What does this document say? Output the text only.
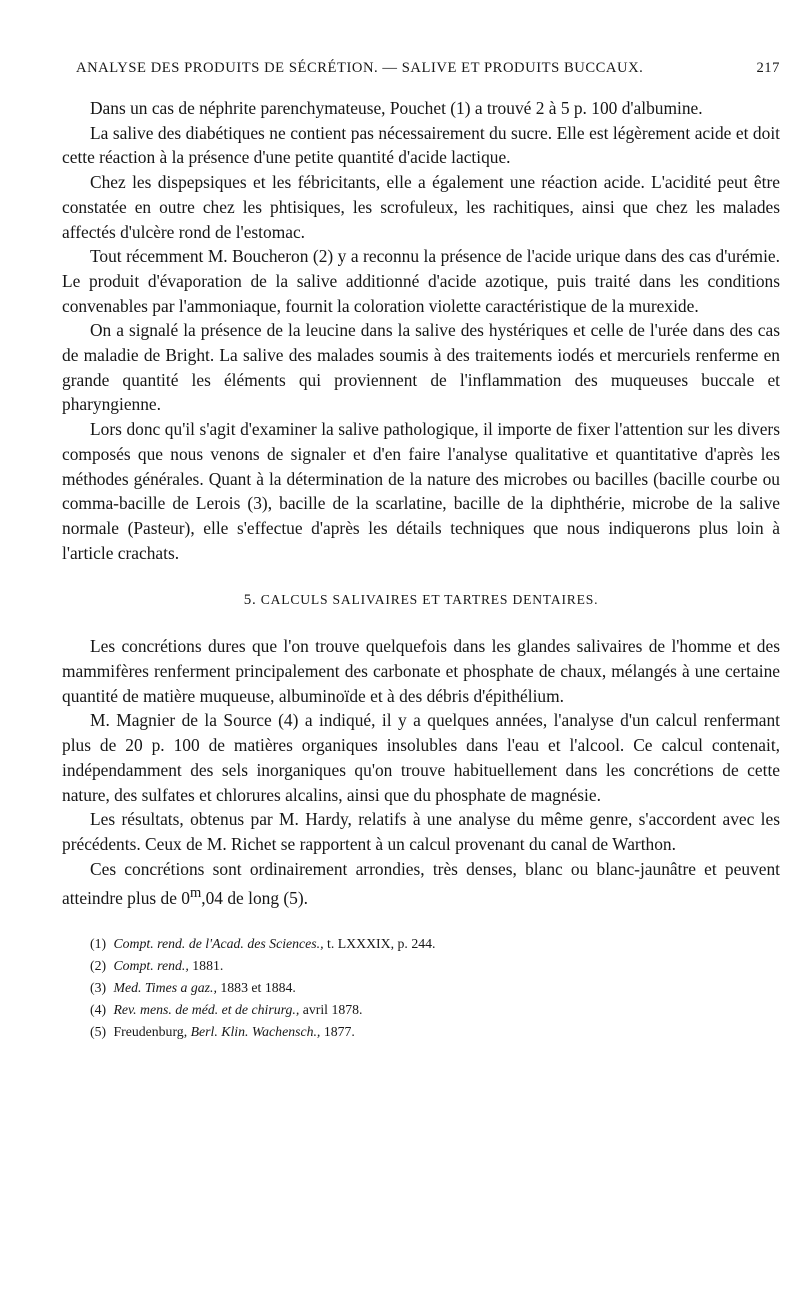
ANALYSE DES PRODUITS DE SÉCRÉTION. — SALIVE ET PRODUITS BUCCAUX.	217

Dans un cas de néphrite parenchymateuse, Pouchet (1) a trouvé 2 à 5 p. 100 d'albumine.

La salive des diabétiques ne contient pas nécessairement du sucre. Elle est légèrement acide et doit cette réaction à la présence d'une petite quantité d'acide lactique.

Chez les dispepsiques et les fébricitants, elle a également une réaction acide. L'acidité peut être constatée en outre chez les phtisiques, les scrofuleux, les rachitiques, ainsi que chez les malades affectés d'ulcère rond de l'estomac.

Tout récemment M. Boucheron (2) y a reconnu la présence de l'acide urique dans des cas d'urémie. Le produit d'évaporation de la salive additionné d'acide azotique, puis traité dans les conditions convenables par l'ammoniaque, fournit la coloration violette caractéristique de la murexide.

On a signalé la présence de la leucine dans la salive des hystériques et celle de l'urée dans des cas de maladie de Bright. La salive des malades soumis à des traitements iodés et mercuriels renferme en grande quantité les éléments qui proviennent de l'inflammation des muqueuses buccale et pharyngienne.

Lors donc qu'il s'agit d'examiner la salive pathologique, il importe de fixer l'attention sur les divers composés que nous venons de signaler et d'en faire l'analyse qualitative et quantitative d'après les méthodes générales. Quant à la détermination de la nature des microbes ou bacilles (bacille courbe ou comma-bacille de Lerois (3), bacille de la scarlatine, bacille de la diphthérie, microbe de la salive normale (Pasteur), elle s'effectue d'après les détails techniques que nous indiquerons plus loin à l'article crachats.

5. CALCULS SALIVAIRES ET TARTRES DENTAIRES.

Les concrétions dures que l'on trouve quelquefois dans les glandes salivaires de l'homme et des mammifères renferment principalement des carbonate et phosphate de chaux, mélangés à une certaine quantité de matière muqueuse, albuminoïde et à des débris d'épithélium.

M. Magnier de la Source (4) a indiqué, il y a quelques années, l'analyse d'un calcul renfermant plus de 20 p. 100 de matières organiques insolubles dans l'eau et l'alcool. Ce calcul contenait, indépendamment des sels inorganiques qu'on trouve habituellement dans les concrétions de cette nature, des sulfates et chlorures alcalins, ainsi que du phosphate de magnésie.

Les résultats, obtenus par M. Hardy, relatifs à une analyse du même genre, s'accordent avec les précédents. Ceux de M. Richet se rapportent à un calcul provenant du canal de Warthon.

Ces concrétions sont ordinairement arrondies, très denses, blanc ou blanc-jaunâtre et peuvent atteindre plus de 0$^m$,04 de long (5).

(1) Compt. rend. de l'Acad. des Sciences., t. LXXXIX, p. 244.

(2) Compt. rend., 1881.

(3) Med. Times a gaz., 1883 et 1884.

(4) Rev. mens. de méd. et de chirurg., avril 1878.

(5) Freudenburg, Berl. Klin. Wachensch., 1877.
